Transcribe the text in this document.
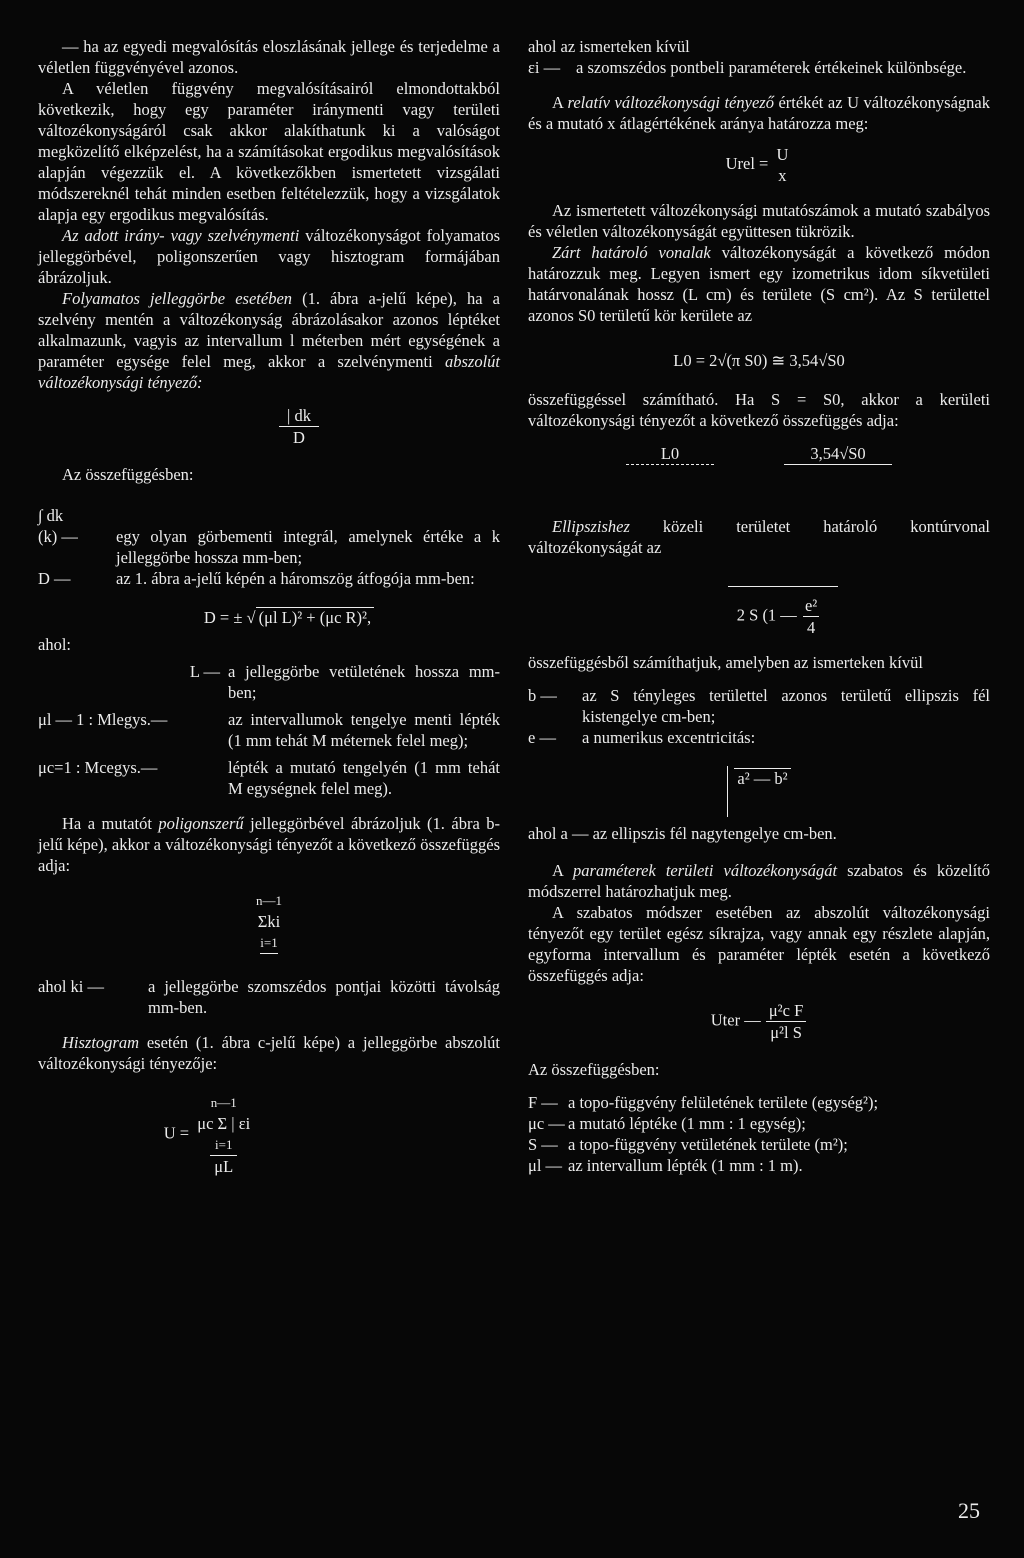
— ha az egyedi megvalósítás eloszlásának jellege és terjedelme a véletlen függvényével azonos.

A véletlen függvény megvalósításairól elmondottakból következik, hogy egy paraméter iránymenti vagy területi változékonyságáról csak akkor alakíthatunk ki a valóságot megközelítő elképzelést, ha a számításokat ergodikus megvalósítások alapján végezzük el. A következőkben ismertetett vizsgálati módszereknél tehát minden esetben feltételezzük, hogy a vizsgálatok alapja egy ergodikus megvalósítás.

Az adott irány- vagy szelvénymenti változékonyságot folyamatos jelleggörbével, poligonszerűen vagy hisztogram formájában ábrázoljuk.

Folyamatos jelleggörbe esetében (1. ábra a-jelű képe), ha a szelvény mentén a változékonyság ábrázolásakor azonos léptéket alkalmazunk, vagyis az intervallum l méterben mért egységének a paraméter egysége felel meg, akkor a szelvénymenti abszolút változékonysági tényező:

$\frac{| dk}{D}$

Az összefüggésben:

∫ dk

(k) —	egy olyan görbementi integrál, amelynek értéke a k jelleggörbe hossza mm-ben;
D —	az 1. ábra a-jelű képén a háromszög átfogója mm-ben:
D = ± √ (μl L)² + (μc R)²,

ahol:

L — a jelleggörbe vetületének hossza mm-ben;
μl — 1 : Mlegys.—	az intervallumok tengelye menti lépték (1 mm tehát M méternek felel meg);
μc=1 : Mcegys.—	lépték a mutató tengelyén (1 mm tehát M egységnek felel meg).

Ha a mutatót poligonszerű jelleggörbével ábrázoljuk (1. ábra b-jelű képe), akkor a változékonysági tényezőt a következő összefüggés adja:

n—1
Σki
i=1
ahol ki —	a jelleggörbe szomszédos pontjai közötti távolság mm-ben.

Hisztogram esetén (1. ábra c-jelű képe) a jelleggörbe abszolút változékonysági tényezője:

U =
n—1
μc Σ | εi
i=1
μL

ahol az ismerteken kívül

εi — a szomszédos pontbeli paraméterek értékeinek különbsége.

A relatív változékonysági tényező értékét az U változékonyságnak és a mutató x átlagértékének aránya határozza meg:

Urel = U
x

Az ismertetett változékonysági mutatószámok a mutató szabályos és véletlen változékonyságát együttesen tükrözik.

Zárt határoló vonalak változékonyságát a következő módon határozzuk meg. Legyen ismert egy izometrikus idom síkvetületi határvonalának hossz (L cm) és területe (S cm²). Az S területtel azonos S0 területű kör kerülete az

L0 = 2√(π S0) ≅ 3,54√S0

összefüggéssel számítható. Ha S = S0, akkor a kerületi változékonysági tényezőt a következő összefüggés adja:

L0
	3,54√S0

Ellipszishez közeli területet határoló kontúrvonal változékonyságát az

2 S (1 — $\frac{\text{e²}}{4}$

összefüggésből számíthatjuk, amelyben az ismerteken kívül

b —	az S tényleges területtel azonos területű ellipszis fél kistengelye cm-ben;
e —	a numerikus excentricitás:
a² — b²

ahol a — az ellipszis fél nagytengelye cm-ben.

A paraméterek területi változékonyságát szabatos és közelítő módszerrel határozhatjuk meg.

A szabatos módszer esetében az abszolút változékonysági tényezőt egy terület egész síkrajza, vagy annak egy részlete alapján, egyforma intervallum és paraméter lépték esetén a következő összefüggés adja:

Uter — $\frac{\text{μ²c F}}{\text{μ²l S}}$

Az összefüggésben:

F — a topo-függvény felületének területe (egység²);
μc — a mutató léptéke (1 mm : 1 egység);
S — a topo-függvény vetületének területe (m²);
μl — az intervallum lépték (1 mm : 1 m).
25
